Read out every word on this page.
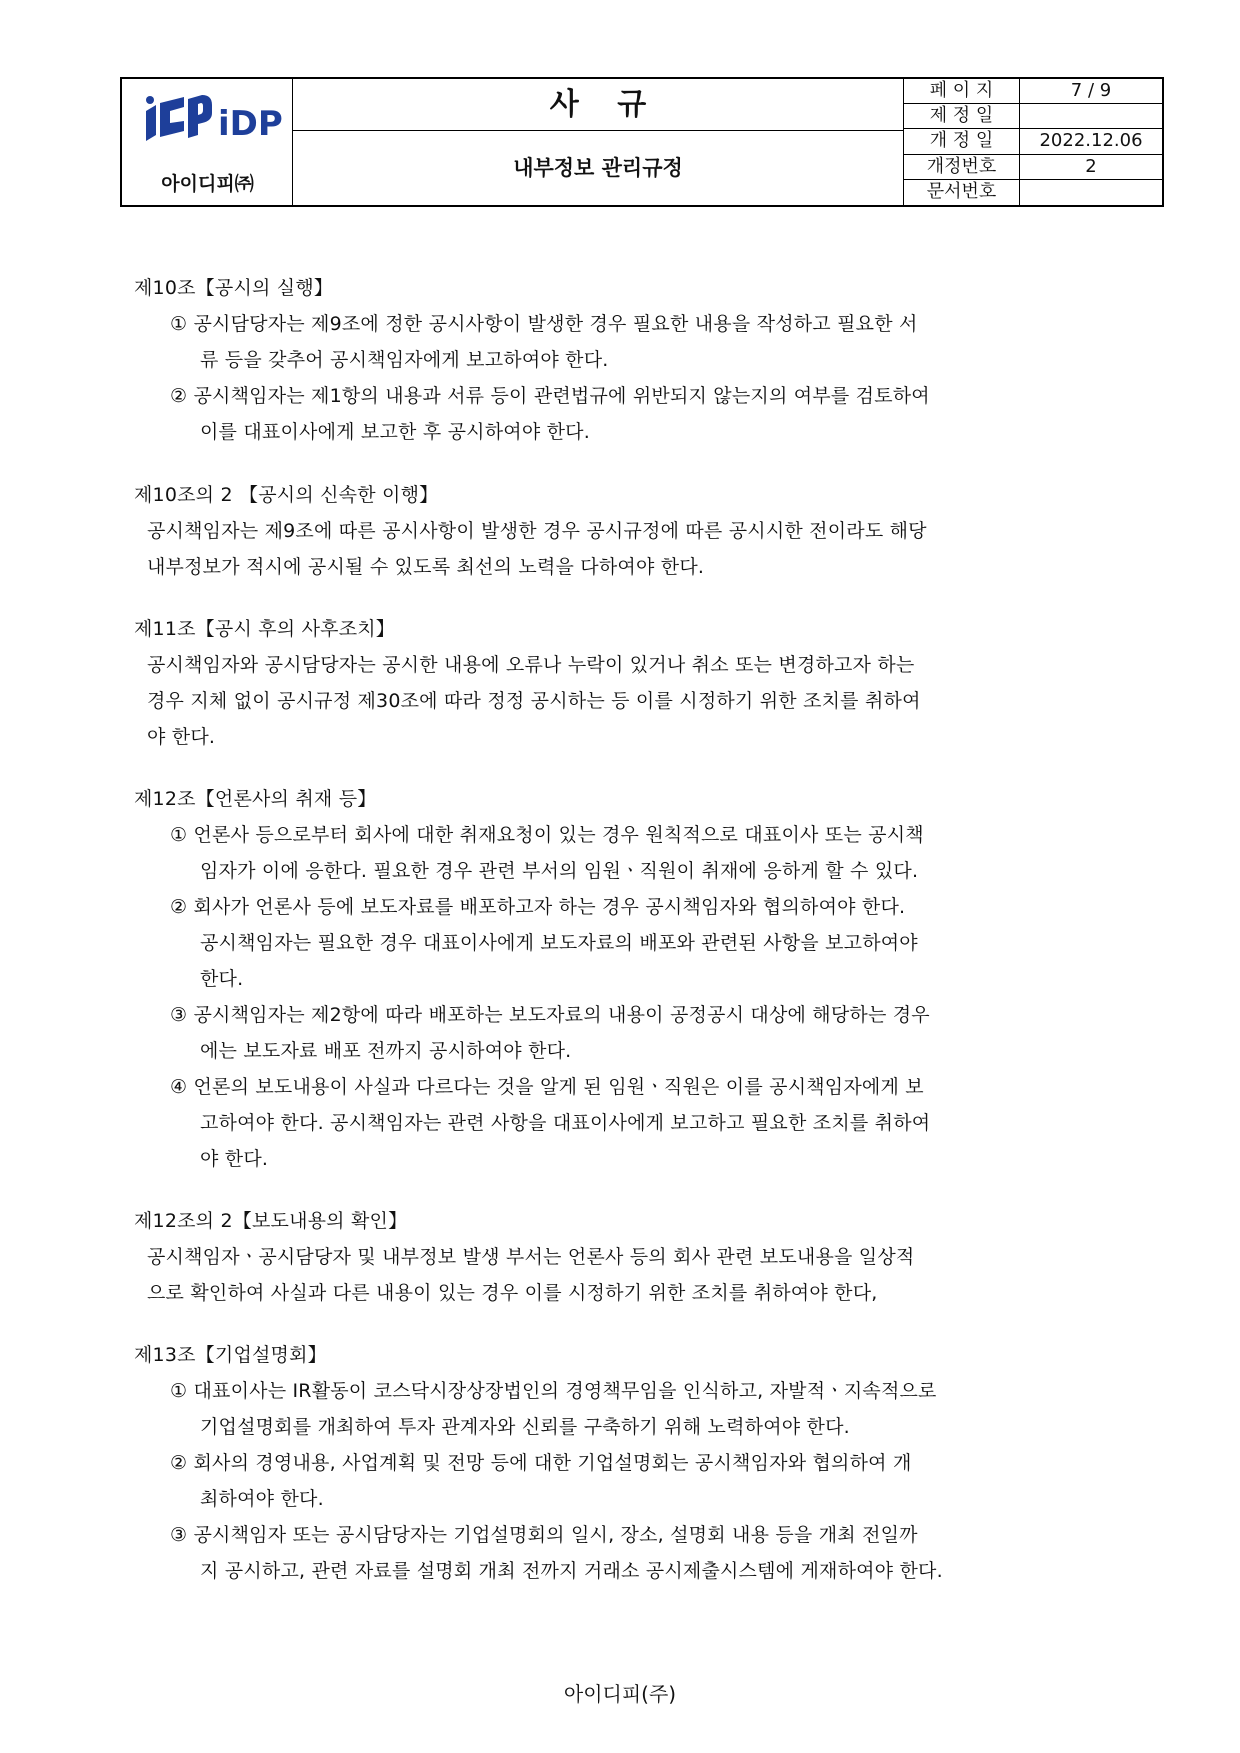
iDP
아이디피㈜
사 규
내부정보 관리규정
페 이 지	7 / 9
제 정 일
개 정 일	2022.12.06
개정번호	2
문서번호
제10조【공시의 실행】
① 공시담당자는 제9조에 정한 공시사항이 발생한 경우 필요한 내용을 작성하고 필요한 서
류 등을 갖추어 공시책임자에게 보고하여야 한다.
② 공시책임자는 제1항의 내용과 서류 등이 관련법규에 위반되지 않는지의 여부를 검토하여
이를 대표이사에게 보고한 후 공시하여야 한다.
제10조의 2 【공시의 신속한 이행】
공시책임자는 제9조에 따른 공시사항이 발생한 경우 공시규정에 따른 공시시한 전이라도 해당
내부정보가 적시에 공시될 수 있도록 최선의 노력을 다하여야 한다.
제11조【공시 후의 사후조치】
공시책임자와 공시담당자는 공시한 내용에 오류나 누락이 있거나 취소 또는 변경하고자 하는
경우 지체 없이 공시규정 제30조에 따라 정정 공시하는 등 이를 시정하기 위한 조치를 취하여
야 한다.
제12조【언론사의 취재 등】
① 언론사 등으로부터 회사에 대한 취재요청이 있는 경우 원칙적으로 대표이사 또는 공시책
임자가 이에 응한다. 필요한 경우 관련 부서의 임원ㆍ직원이 취재에 응하게 할 수 있다.
② 회사가 언론사 등에 보도자료를 배포하고자 하는 경우 공시책임자와 협의하여야 한다.
공시책임자는 필요한 경우 대표이사에게 보도자료의 배포와 관련된 사항을 보고하여야
한다.
③ 공시책임자는 제2항에 따라 배포하는 보도자료의 내용이 공정공시 대상에 해당하는 경우
에는 보도자료 배포 전까지 공시하여야 한다.
④ 언론의 보도내용이 사실과 다르다는 것을 알게 된 임원ㆍ직원은 이를 공시책임자에게 보
고하여야 한다. 공시책임자는 관련 사항을 대표이사에게 보고하고 필요한 조치를 취하여
야 한다.
제12조의 2【보도내용의 확인】
공시책임자ㆍ공시담당자 및 내부정보 발생 부서는 언론사 등의 회사 관련 보도내용을 일상적
으로 확인하여 사실과 다른 내용이 있는 경우 이를 시정하기 위한 조치를 취하여야 한다,
제13조【기업설명회】
① 대표이사는 IR활동이 코스닥시장상장법인의 경영책무임을 인식하고, 자발적ㆍ지속적으로
기업설명회를 개최하여 투자 관계자와 신뢰를 구축하기 위해 노력하여야 한다.
② 회사의 경영내용, 사업계획 및 전망 등에 대한 기업설명회는 공시책임자와 협의하여 개
최하여야 한다.
③ 공시책임자 또는 공시담당자는 기업설명회의 일시, 장소, 설명회 내용 등을 개최 전일까
지 공시하고, 관련 자료를 설명회 개최 전까지 거래소 공시제출시스템에 게재하여야 한다.
아이디피(주)
